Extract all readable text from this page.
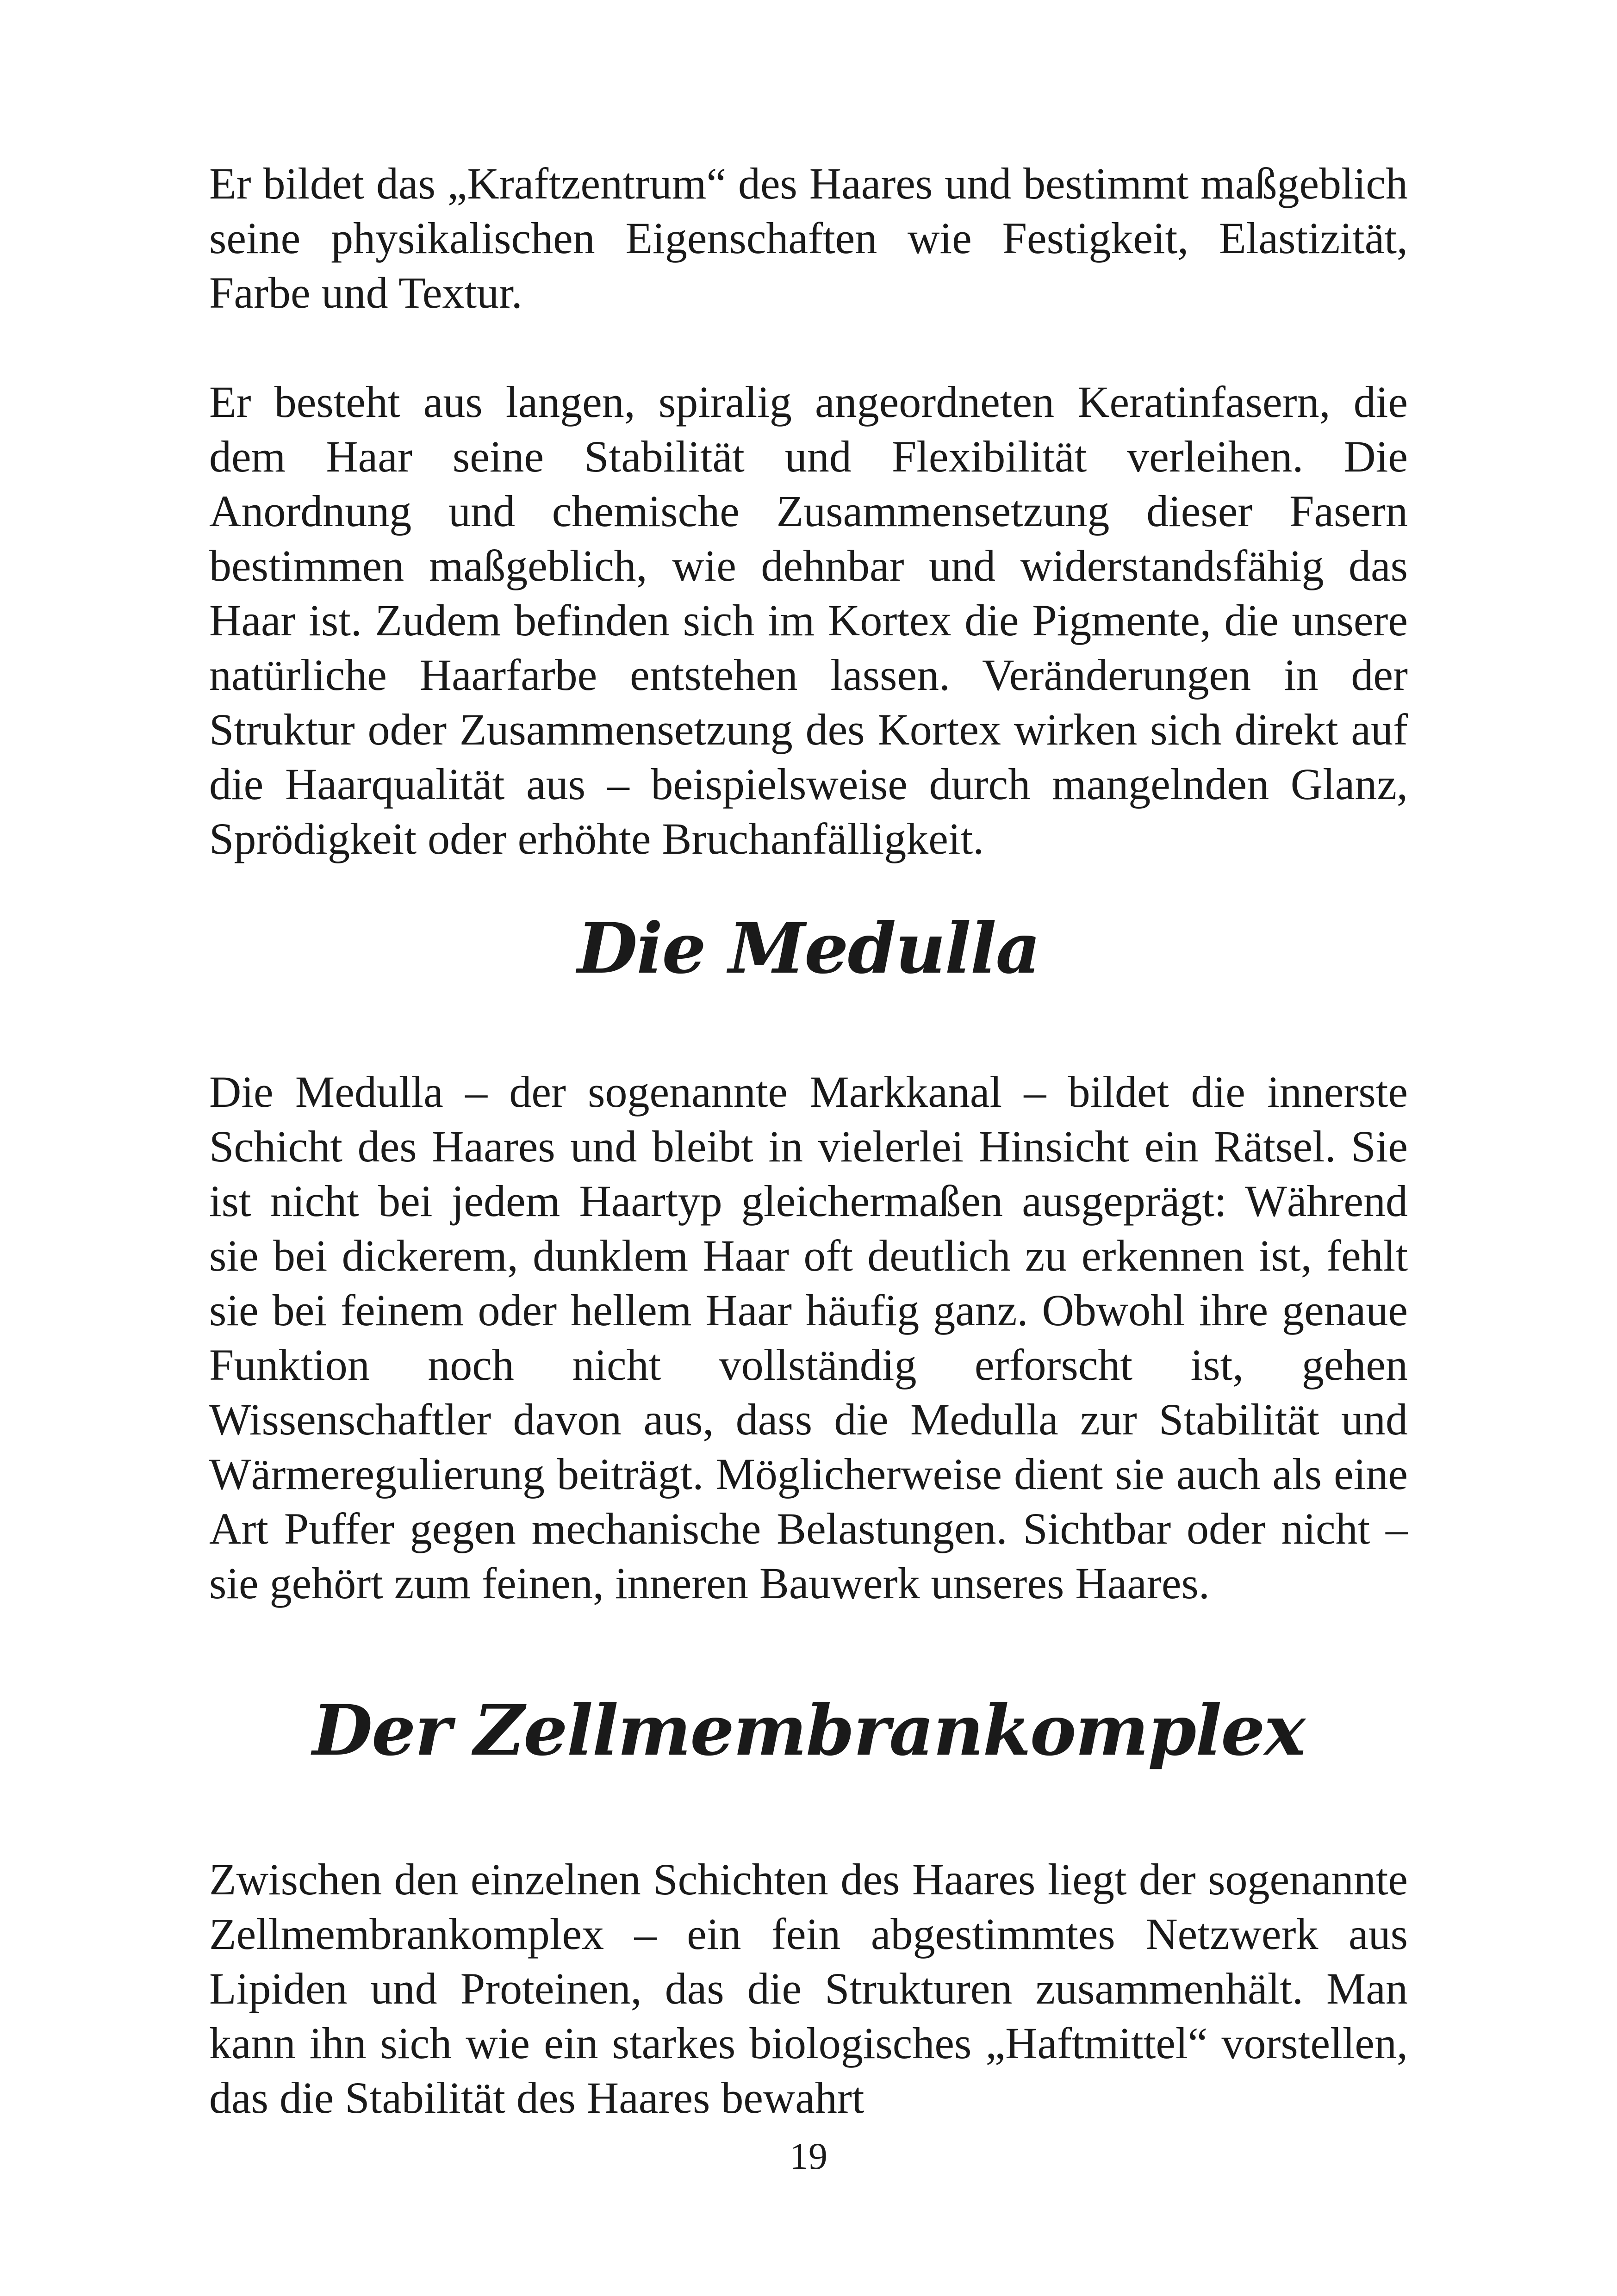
Er bildet das „Kraftzentrum“ des Haares und bestimmt maßgeblich seine physikalischen Eigenschaften wie Festigkeit, Elastizität, Farbe und Textur.

Er besteht aus langen, spiralig angeordneten Keratinfasern, die dem Haar seine Stabilität und Flexibilität verleihen. Die Anordnung und chemische Zusammensetzung dieser Fasern bestimmen maßgeblich, wie dehnbar und widerstandsfähig das Haar ist. Zudem befinden sich im Kortex die Pigmente, die unsere natürliche Haarfarbe entstehen lassen. Veränderungen in der Struktur oder Zusammensetzung des Kortex wirken sich direkt auf die Haarqualität aus – beispielsweise durch mangelnden Glanz, Sprödigkeit oder erhöhte Bruchanfälligkeit.

Die Medulla

Die Medulla – der sogenannte Markkanal – bildet die innerste Schicht des Haares und bleibt in vielerlei Hinsicht ein Rätsel. Sie ist nicht bei jedem Haartyp gleichermaßen ausgeprägt: Während sie bei dickerem, dunklem Haar oft deutlich zu erkennen ist, fehlt sie bei feinem oder hellem Haar häufig ganz. Obwohl ihre genaue Funktion noch nicht vollständig erforscht ist, gehen Wissenschaftler davon aus, dass die Medulla zur Stabilität und Wärmeregulierung beiträgt. Möglicherweise dient sie auch als eine Art Puffer gegen mechanische Belastungen. Sichtbar oder nicht – sie gehört zum feinen, inneren Bauwerk unseres Haares.

Der Zellmembrankomplex

Zwischen den einzelnen Schichten des Haares liegt der sogenannte Zellmembrankomplex – ein fein abgestimmtes Netzwerk aus Lipiden und Proteinen, das die Strukturen zusammenhält. Man kann ihn sich wie ein starkes biologisches „Haftmittel“ vorstellen, das die Stabilität des Haares bewahrt

19
